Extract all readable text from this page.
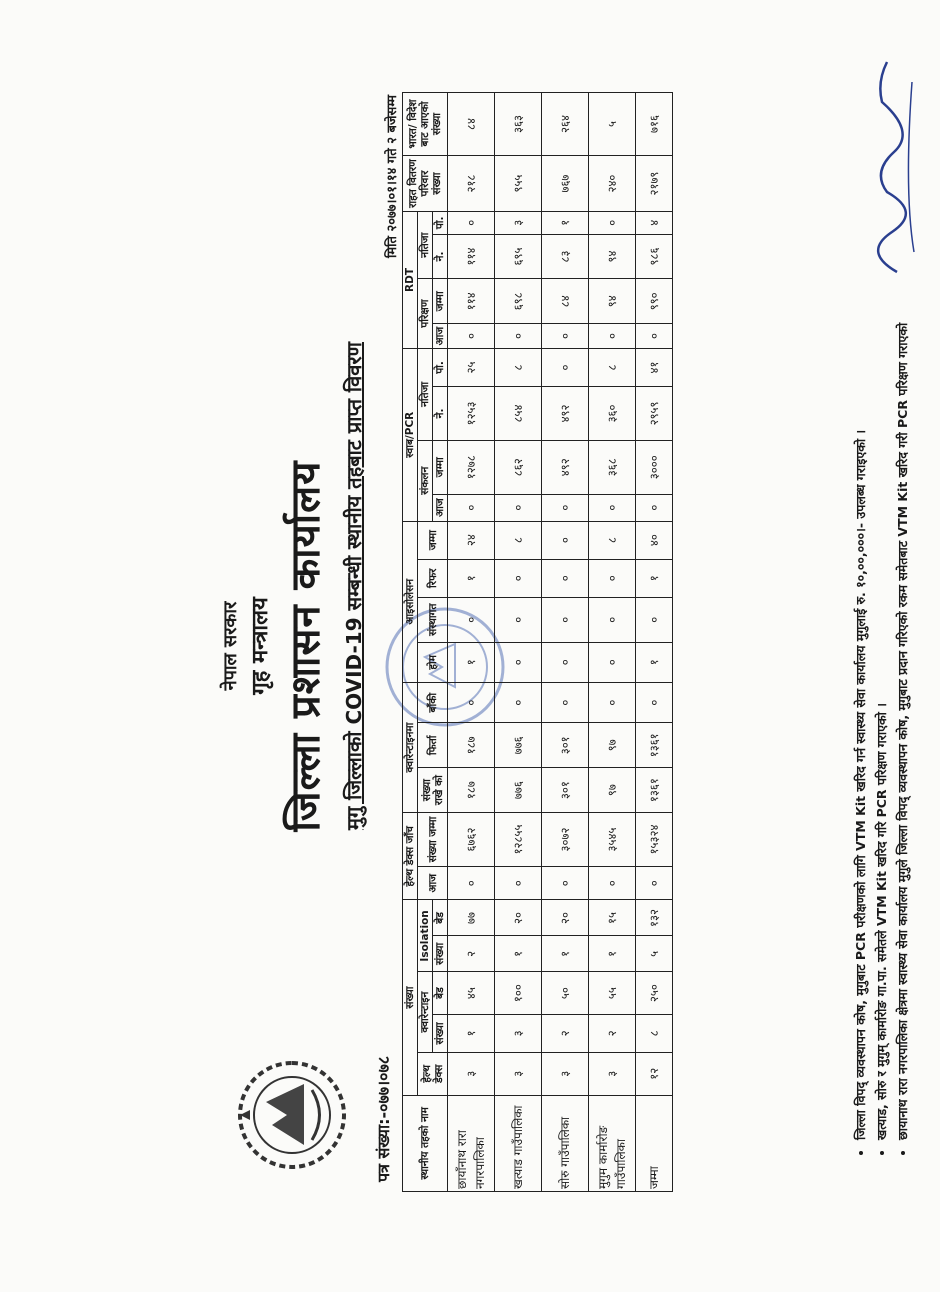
नेपाल सरकार गृह मन्त्रालय जिल्ला प्रशासन कार्यालय मुगु जिल्लाको COVID-19 सम्बन्धी स्थानीय तहबाट प्राप्त विवरण
पत्र संख्या:-०७७।०७८
मिति २०७७।०१।१४ गते २ बजेसम्म
स्थानीय तहको नाम	संख्या					हेल्थ डेक्स जाँच		क्वारेन्टाइनमा			आइसोलेसन				स्वाब/PCR				RDT				राहत वितरण परिवार संख्या	भारत/ विदेश बाट आएको संख्या
	हेल्थ डेक्स	क्वारेन्टाइन		Isolation		आज	संख्या जम्मा	संख्या राखे को	फिर्ता	बाँकी	होम	संस्थागत	रिफर	जम्मा	संकलन		नतिजा		परिक्षण		नतिजा			
		संख्या	बेड	संख्या	बेड										आज	जम्मा	ने.	पो.	आज	जम्मा	ने.	पो.		
छायाँनाथ रारा नगरपालिका	३	१	४५	२	७७	०	६७६२	१८७	१८७	०	१	०	१	२४	०	१२७८	१२५३	२५	०	११४	११४	०	२१८	८४
खत्याड गाउँपालिका	३	३	१००	१	२०	०	१२८५५	७७६	७७६	०	०	०	०	८	०	८६२	८५४	८	०	६९८	६९५	३	९५५	३६३
सोरु गाउँपालिका	३	२	५०	१	२०	०	३०७२	३०१	३०१	०	०	०	०	०	०	४९२	४९२	०	०	८४	८३	१	७६७	२६४
मुगुम कार्मारोङ गाउँपालिका	३	२	५५	१	१५	०	३५४५	९७	९७	०	०	०	०	८	०	३६८	३६०	८	०	९४	९४	०	२४०	५
जम्मा	१२	८	२५०	५	१३२	०	१५३२४	१३६१	१३६१	०	१	०	१	४०	०	३०००	२९५९	४१	०	९९०	९८६	४	२१७९	७१६
• जिल्ला विपद् व्यवस्थापन कोष, मुगुबाट PCR परीक्षणको लागि VTM Kit खरिद गर्न स्वास्थ्य सेवा कार्यालय मुगुलाई रु. १०,००,०००।- उपलब्ध गराइएको । • खत्याड, सोरु र मुगुम् कार्मारोङ गा.पा. समेतले VTM Kit खरिद गरि PCR परिक्षण गराएको । • छायानाथ रारा नगरपालिका क्षेत्रमा स्वास्थ्य सेवा कार्यालय मुगुले जिल्ला विपद् व्यवस्थापन कोष, मुगुबाट प्रदान गरिएको रकम समेतबाट VTM Kit खरिद गरी PCR परिक्षण गराएको
